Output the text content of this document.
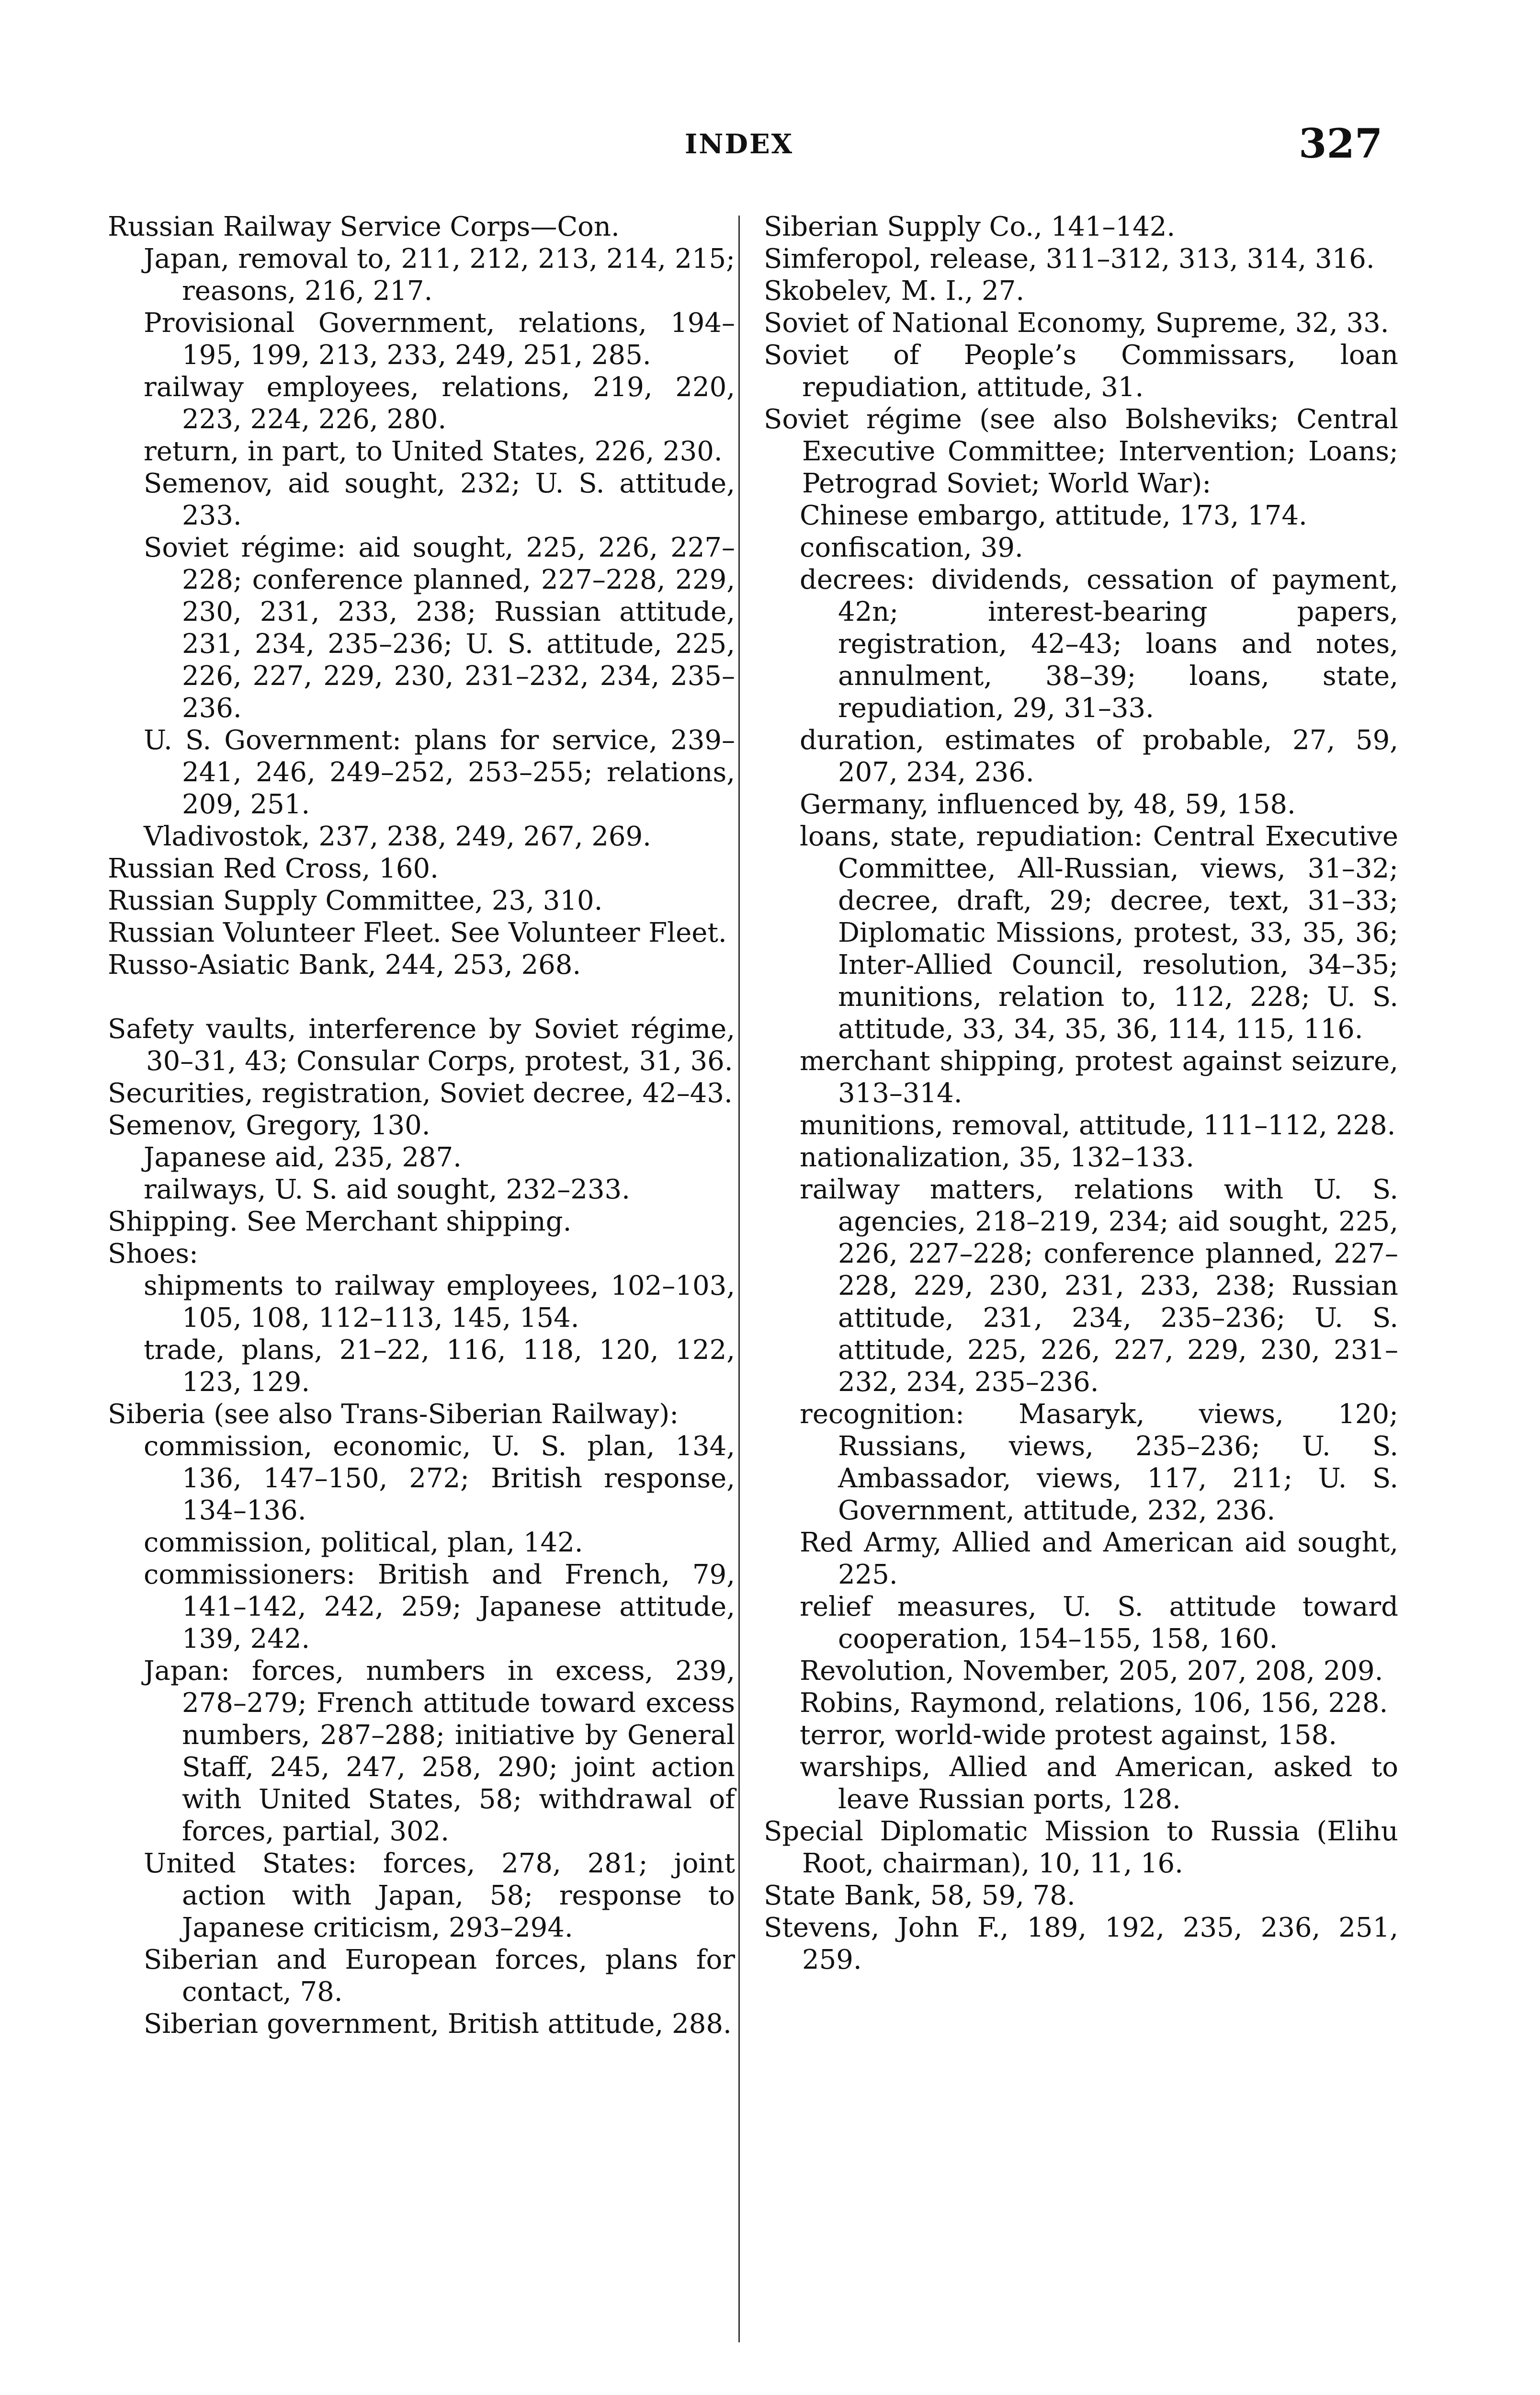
INDEX	327
Russian Railway Service Corps—Con.
Japan, removal to, 211, 212, 213, 214, 215; reasons, 216, 217.
Provisional Government, relations, 194–195, 199, 213, 233, 249, 251, 285.
railway employees, relations, 219, 220, 223, 224, 226, 280.
return, in part, to United States, 226, 230.
Semenov, aid sought, 232; U. S. attitude, 233.
Soviet régime: aid sought, 225, 226, 227–228; conference planned, 227–228, 229, 230, 231, 233, 238; Russian attitude, 231, 234, 235–236; U. S. attitude, 225, 226, 227, 229, 230, 231–232, 234, 235–236.
U. S. Government: plans for service, 239–241, 246, 249–252, 253–255; relations, 209, 251.
Vladivostok, 237, 238, 249, 267, 269.
Russian Red Cross, 160.
Russian Supply Committee, 23, 310.
Russian Volunteer Fleet. See Volunteer Fleet.
Russo-Asiatic Bank, 244, 253, 268.
Safety vaults, interference by Soviet régime, 30–31, 43; Consular Corps, protest, 31, 36.
Securities, registration, Soviet decree, 42–43.
Semenov, Gregory, 130.
Japanese aid, 235, 287.
railways, U. S. aid sought, 232–233.
Shipping. See Merchant shipping.
Shoes:
shipments to railway employees, 102–103, 105, 108, 112–113, 145, 154.
trade, plans, 21–22, 116, 118, 120, 122, 123, 129.
Siberia (see also Trans-Siberian Railway):
commission, economic, U. S. plan, 134, 136, 147–150, 272; British response, 134–136.
commission, political, plan, 142.
commissioners: British and French, 79, 141–142, 242, 259; Japanese attitude, 139, 242.
Japan: forces, numbers in excess, 239, 278–279; French attitude toward excess numbers, 287–288; initiative by General Staff, 245, 247, 258, 290; joint action with United States, 58; withdrawal of forces, partial, 302.
United States: forces, 278, 281; joint action with Japan, 58; response to Japanese criticism, 293–294.
Siberian and European forces, plans for contact, 78.
Siberian government, British attitude, 288.
Siberian Supply Co., 141–142.
Simferopol, release, 311–312, 313, 314, 316.
Skobelev, M. I., 27.
Soviet of National Economy, Supreme, 32, 33.
Soviet of People’s Commissars, loan repudiation, attitude, 31.
Soviet régime (see also Bolsheviks; Central Executive Committee; Intervention; Loans; Petrograd Soviet; World War):
Chinese embargo, attitude, 173, 174.
confiscation, 39.
decrees: dividends, cessation of payment, 42n; interest-bearing papers, registration, 42–43; loans and notes, annulment, 38–39; loans, state, repudiation, 29, 31–33.
duration, estimates of probable, 27, 59, 207, 234, 236.
Germany, influenced by, 48, 59, 158.
loans, state, repudiation: Central Executive Committee, All-Russian, views, 31–32; decree, draft, 29; decree, text, 31–33; Diplomatic Missions, protest, 33, 35, 36; Inter-Allied Council, resolution, 34–35; munitions, relation to, 112, 228; U. S. attitude, 33, 34, 35, 36, 114, 115, 116.
merchant shipping, protest against seizure, 313–314.
munitions, removal, attitude, 111–112, 228.
nationalization, 35, 132–133.
railway matters, relations with U. S. agencies, 218–219, 234; aid sought, 225, 226, 227–228; conference planned, 227–228, 229, 230, 231, 233, 238; Russian attitude, 231, 234, 235–236; U. S. attitude, 225, 226, 227, 229, 230, 231–232, 234, 235–236.
recognition: Masaryk, views, 120; Russians, views, 235–236; U. S. Ambassador, views, 117, 211; U. S. Government, attitude, 232, 236.
Red Army, Allied and American aid sought, 225.
relief measures, U. S. attitude toward cooperation, 154–155, 158, 160.
Revolution, November, 205, 207, 208, 209.
Robins, Raymond, relations, 106, 156, 228.
terror, world-wide protest against, 158.
warships, Allied and American, asked to leave Russian ports, 128.
Special Diplomatic Mission to Russia (Elihu Root, chairman), 10, 11, 16.
State Bank, 58, 59, 78.
Stevens, John F., 189, 192, 235, 236, 251, 259.
